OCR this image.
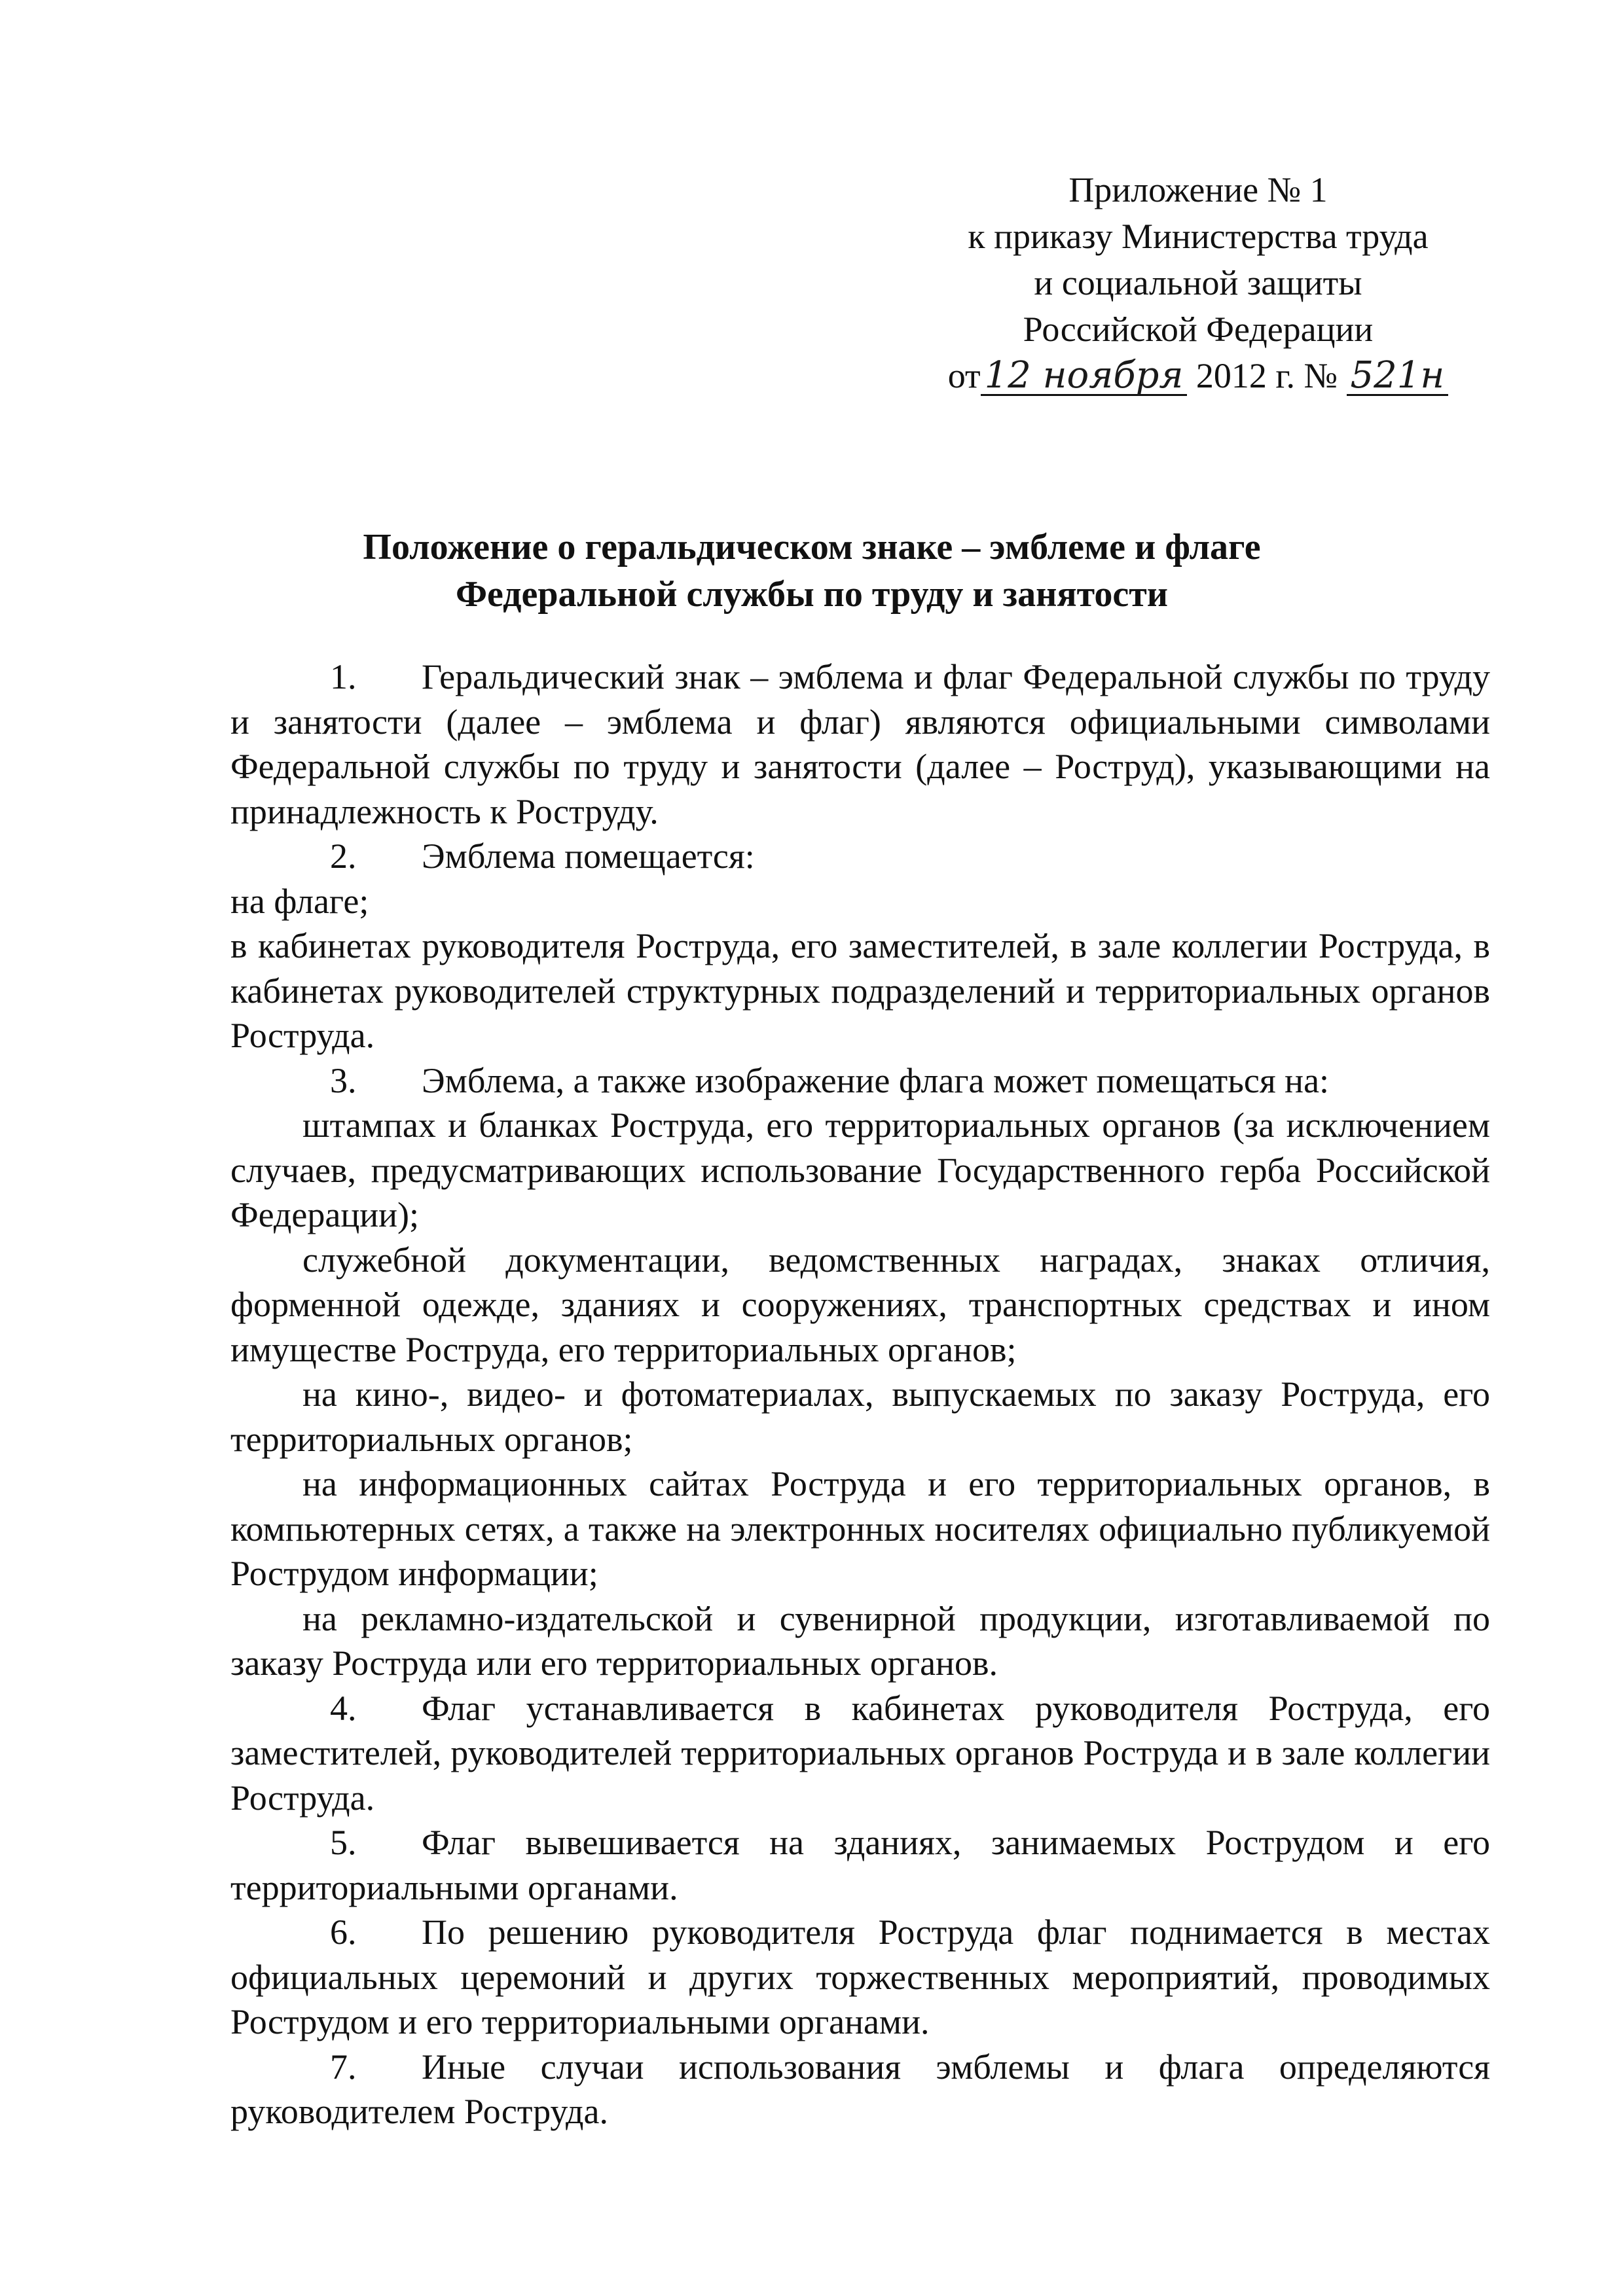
Приложение № 1
к приказу Министерства труда
и социальной защиты
Российской Федерации
от 12 ноября 2012 г. № 521н
Положение о геральдическом знаке – эмблеме и флаге
Федеральной службы по труду и занятости

1. Геральдический знак – эмблема и флаг Федеральной службы по труду и занятости (далее – эмблема и флаг) являются официальными символами Федеральной службы по труду и занятости (далее – Роструд), указывающими на принадлежность к Роструду.

2. Эмблема помещается:

на флаге;

в кабинетах руководителя Роструда, его заместителей, в зале коллегии Роструда, в кабинетах руководителей структурных подразделений и территориальных органов Роструда.

3. Эмблема, а также изображение флага может помещаться на:

штампах и бланках Роструда, его территориальных органов (за исключением случаев, предусматривающих использование Государственного герба Российской Федерации);

служебной документации, ведомственных наградах, знаках отличия, форменной одежде, зданиях и сооружениях, транспортных средствах и ином имуществе Роструда, его территориальных органов;

на кино-, видео- и фотоматериалах, выпускаемых по заказу Роструда, его территориальных органов;

на информационных сайтах Роструда и его территориальных органов, в компьютерных сетях, а также на электронных носителях официально публикуемой Рострудом информации;

на рекламно-издательской и сувенирной продукции, изготавливаемой по заказу Роструда или его территориальных органов.

4. Флаг устанавливается в кабинетах руководителя Роструда, его заместителей, руководителей территориальных органов Роструда и в зале коллегии Роструда.

5. Флаг вывешивается на зданиях, занимаемых Рострудом и его территориальными органами.

6. По решению руководителя Роструда флаг поднимается в местах официальных церемоний и других торжественных мероприятий, проводимых Рострудом и его территориальными органами.

7. Иные случаи использования эмблемы и флага определяются руководителем Роструда.
